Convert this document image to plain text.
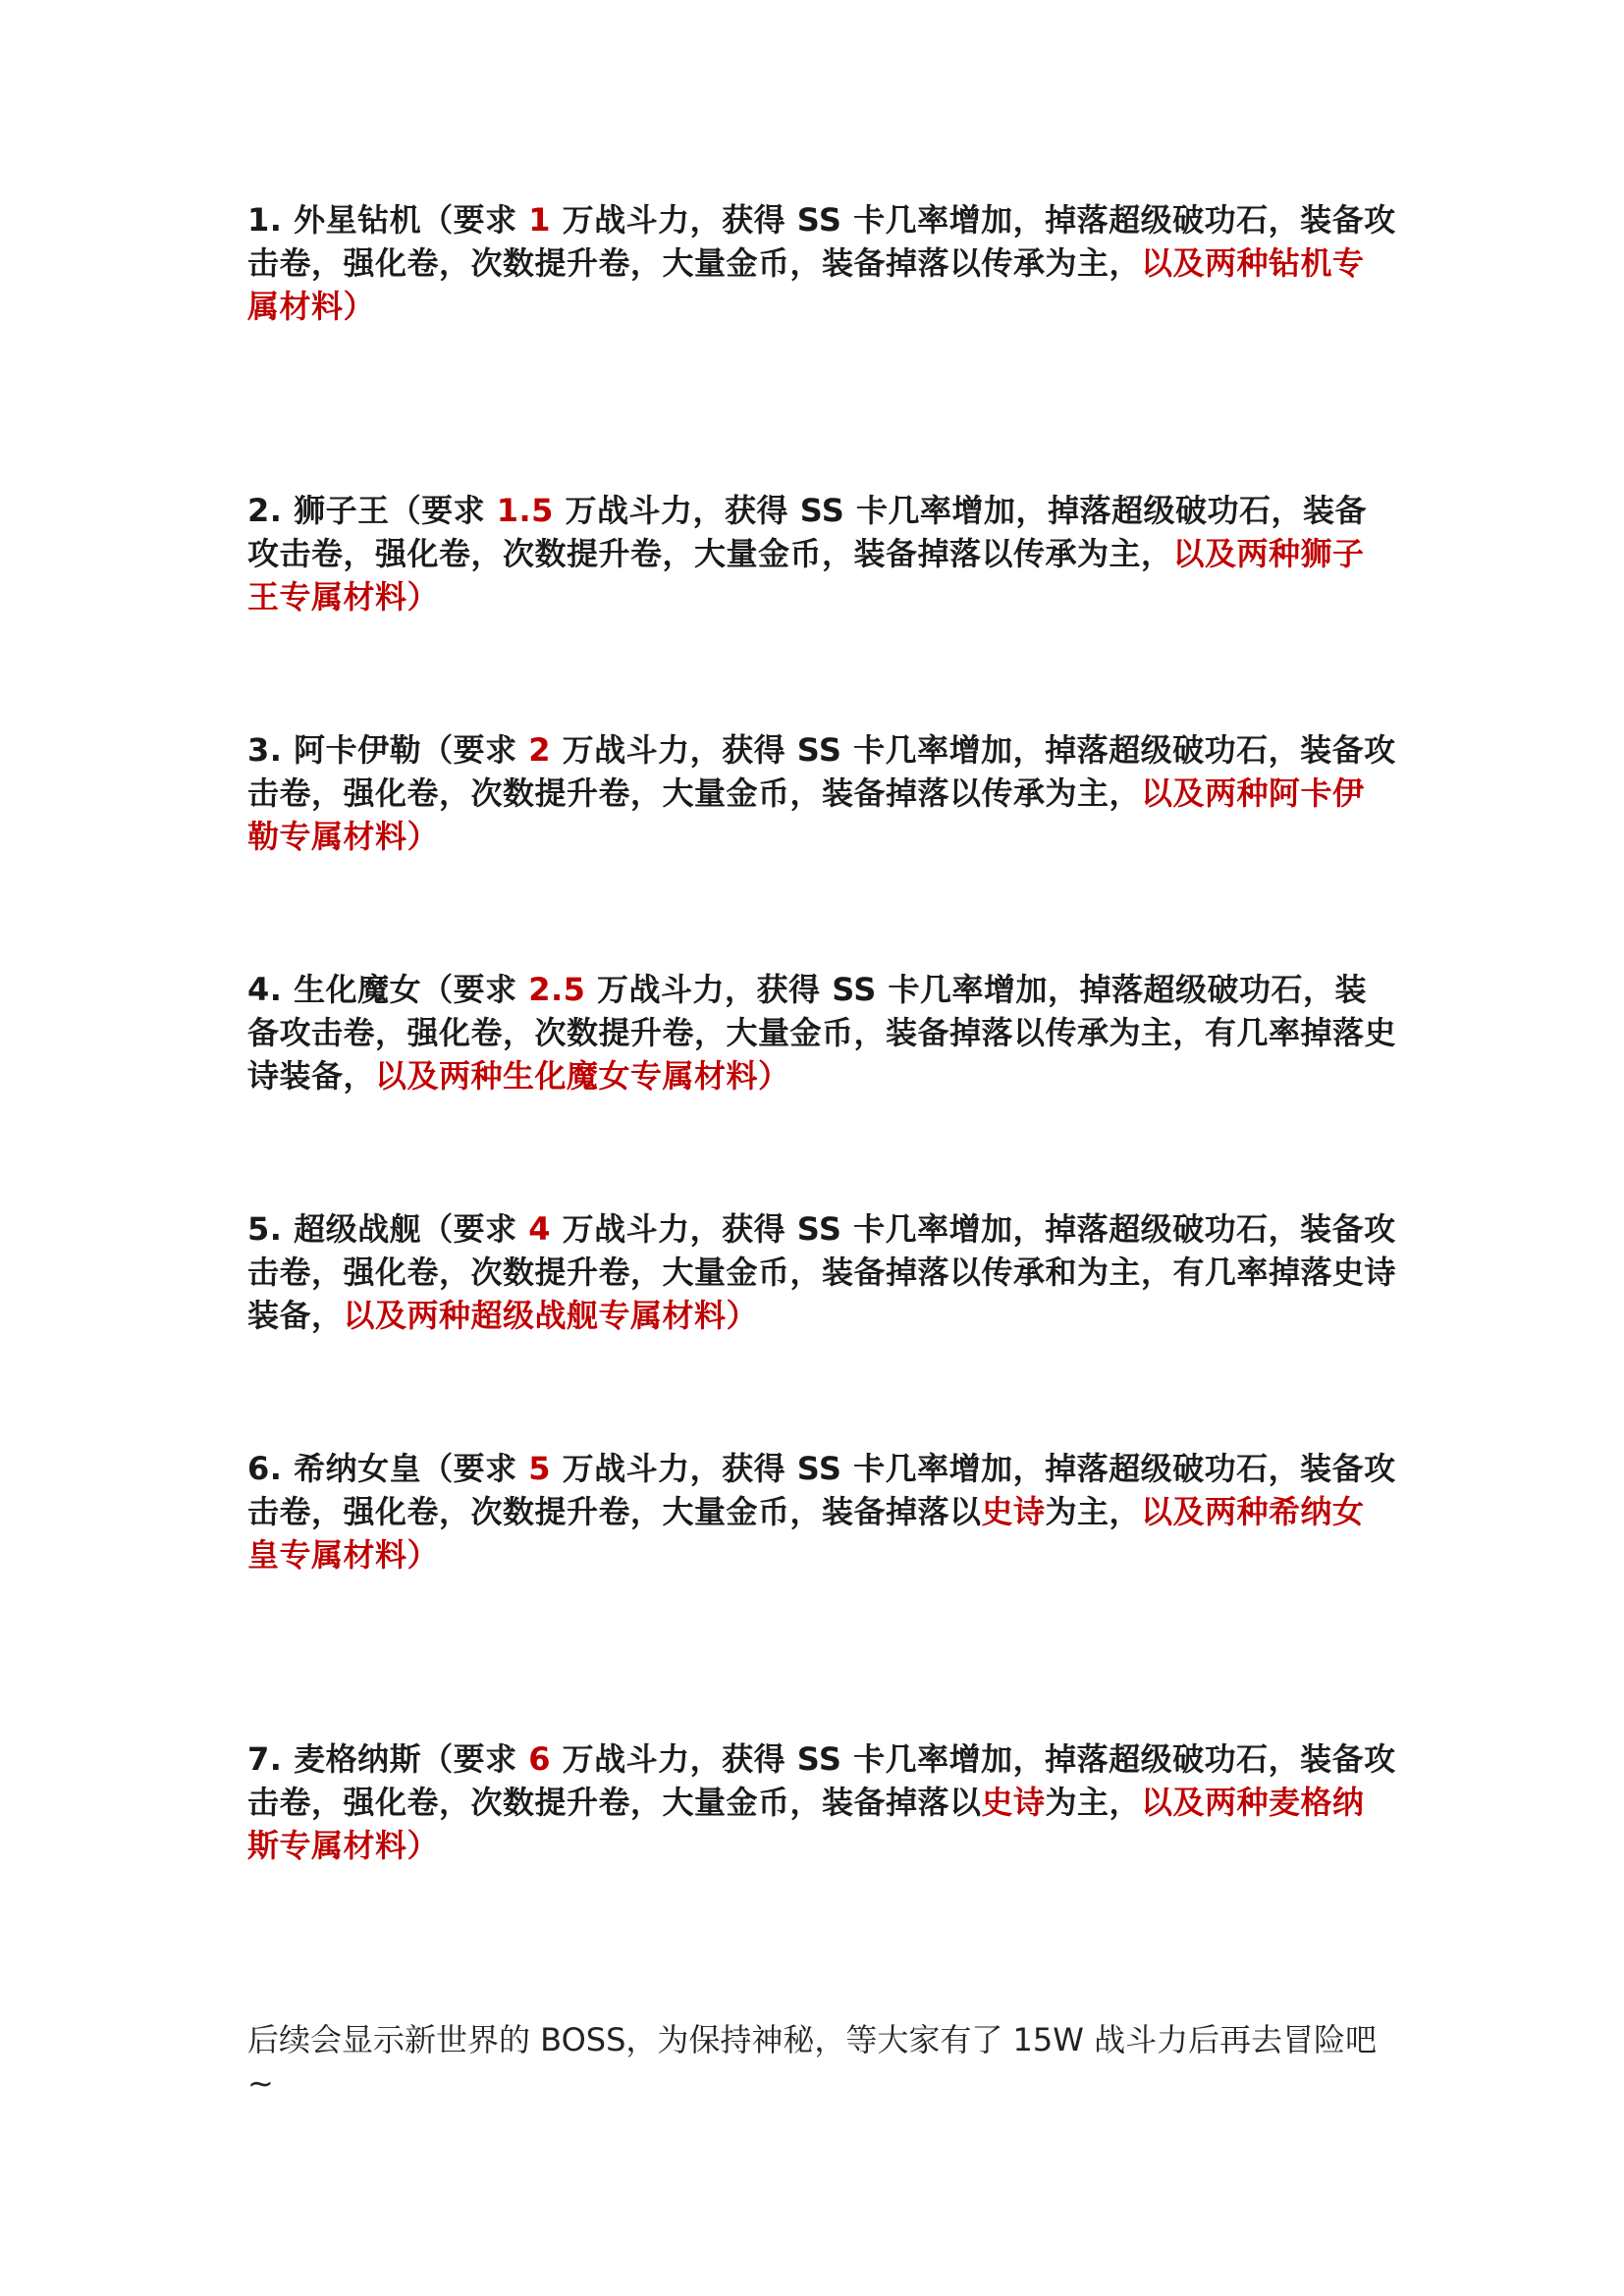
1. 外星钻机（要求 1 万战斗力，获得 SS 卡几率增加，掉落超级破功石，装备攻击卷，强化卷，次数提升卷，大量金币，装备掉落以传承为主，以及两种钻机专属材料）
2. 狮子王（要求 1.5 万战斗力，获得 SS 卡几率增加，掉落超级破功石，装备攻击卷，强化卷，次数提升卷，大量金币，装备掉落以传承为主，以及两种狮子王专属材料）
3. 阿卡伊勒（要求 2 万战斗力，获得 SS 卡几率增加，掉落超级破功石，装备攻击卷，强化卷，次数提升卷，大量金币，装备掉落以传承为主，以及两种阿卡伊勒专属材料）
4. 生化魔女（要求 2.5 万战斗力，获得 SS 卡几率增加，掉落超级破功石，装备攻击卷，强化卷，次数提升卷，大量金币，装备掉落以传承为主，有几率掉落史诗装备，以及两种生化魔女专属材料）
5. 超级战舰（要求 4 万战斗力，获得 SS 卡几率增加，掉落超级破功石，装备攻击卷，强化卷，次数提升卷，大量金币，装备掉落以传承和为主，有几率掉落史诗装备，以及两种超级战舰专属材料）
6. 希纳女皇（要求 5 万战斗力，获得 SS 卡几率增加，掉落超级破功石，装备攻击卷，强化卷，次数提升卷，大量金币，装备掉落以史诗为主，以及两种希纳女皇专属材料）
7. 麦格纳斯（要求 6 万战斗力，获得 SS 卡几率增加，掉落超级破功石，装备攻击卷，强化卷，次数提升卷，大量金币，装备掉落以史诗为主，以及两种麦格纳斯专属材料）
后续会显示新世界的 BOSS，为保持神秘，等大家有了 15W 战斗力后再去冒险吧~
